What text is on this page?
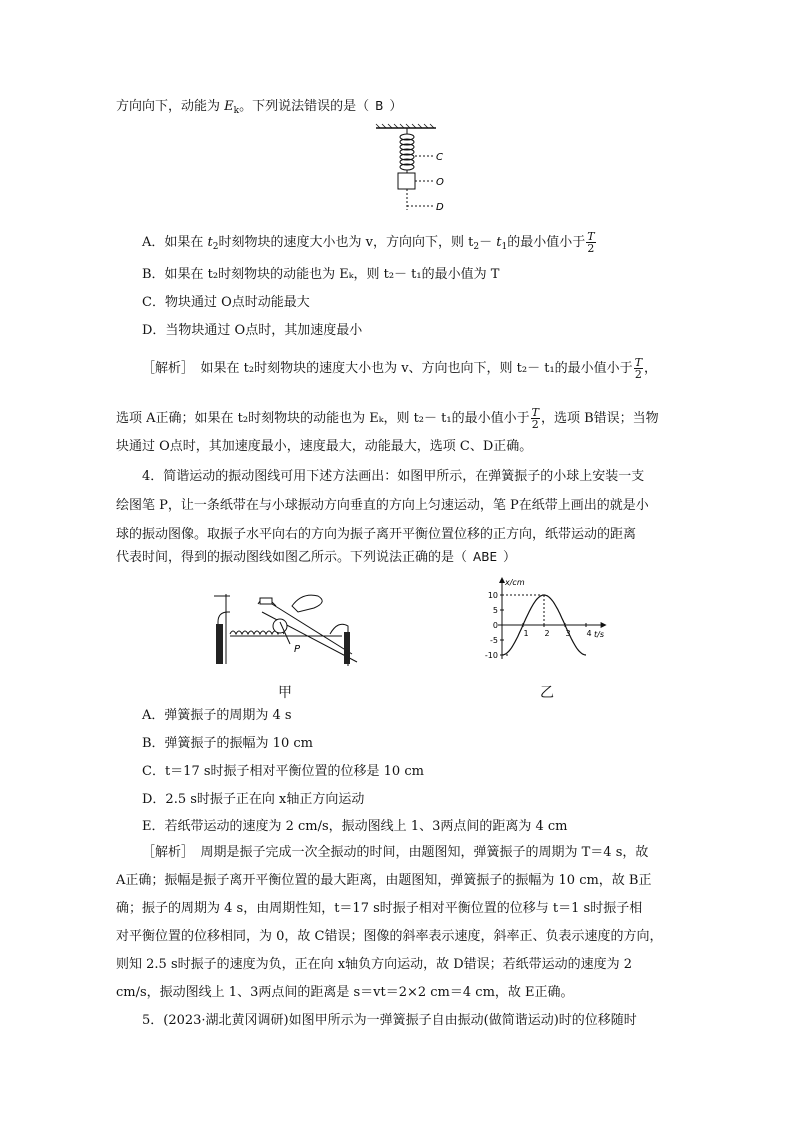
方向向下，动能为 $E_k$。下列说法错误的是（ B ）
C
O
D
A．如果在 $t_2$时刻物块的速度大小也为 v，方向向下，则 $t_2- t_1$的最小值小于 $\frac{T}{2}$
B．如果在 t₂时刻物块的动能也为 Eₖ，则 t₂－ t₁的最小值为 T
C．物块通过 O点时动能最大
D．当物块通过 O点时，其加速度最小
［解析］　如果在 t₂时刻物块的速度大小也为 v、方向也向下，则 t₂－ t₁的最小值小于 $\frac{T}{2}$ ，
选项 A正确；如果在 t₂时刻物块的动能也为 Eₖ，则 t₂－ t₁的最小值小于 $\frac{T}{2}$ ，选项 B错误；当物
块通过 O点时，其加速度最小，速度最大，动能最大，选项 C、D正确。
4．简谐运动的振动图线可用下述方法画出：如图甲所示，在弹簧振子的小球上安装一支
绘图笔 P，让一条纸带在与小球振动方向垂直的方向上匀速运动，笔 P在纸带上画出的就是小
球的振动图像。取振子水平向右的方向为振子离开平衡位置位移的正方向，纸带运动的距离
代表时间，得到的振动图线如图乙所示。下列说法正确的是（ ABE ）
P
甲
x/cm
t/s
10
5
0
-5
-10
1 2 3 4
乙
A．弹簧振子的周期为 4 s
B．弹簧振子的振幅为 10 cm
C．t＝17 s时振子相对平衡位置的位移是 10 cm
D．2.5 s时振子正在向 x轴正方向运动
E．若纸带运动的速度为 2 cm/s，振动图线上 1、3两点间的距离为 4 cm
［解析］　周期是振子完成一次全振动的时间，由题图知，弹簧振子的周期为 T＝4 s，故
A正确；振幅是振子离开平衡位置的最大距离，由题图知，弹簧振子的振幅为 10 cm，故 B正
确；振子的周期为 4 s，由周期性知，t＝17 s时振子相对平衡位置的位移与 t＝1 s时振子相
对平衡位置的位移相同，为 0，故 C错误；图像的斜率表示速度，斜率正、负表示速度的方向，
则知 2.5 s时振子的速度为负，正在向 x轴负方向运动，故 D错误；若纸带运动的速度为 2
cm/s，振动图线上 1、3两点间的距离是 s＝vt＝2×2 cm＝4 cm，故 E正确。
5．(2023·湖北黄冈调研)如图甲所示为一弹簧振子自由振动(做简谐运动)时的位移随时
